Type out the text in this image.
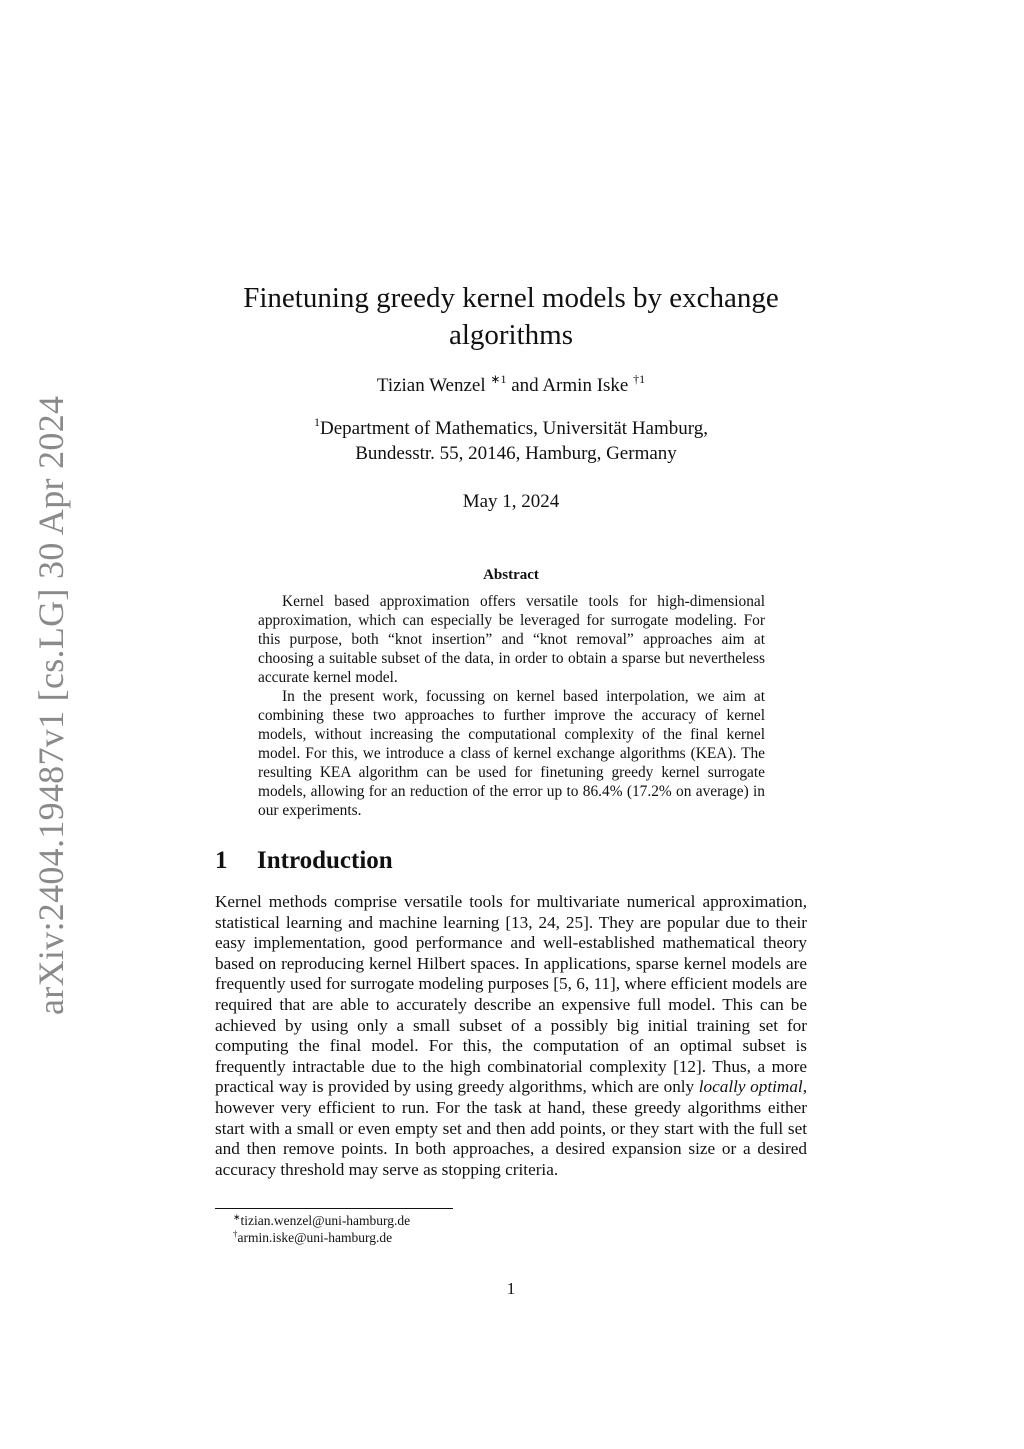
arXiv:2404.19487v1 [cs.LG] 30 Apr 2024
Finetuning greedy kernel models by exchange
algorithms
Tizian Wenzel $^{∗1}$ and Armin Iske $^{\dagger 1}$
$^1$Department of Mathematics, Universität Hamburg,
Bundesstr. 55, 20146, Hamburg, Germany
May 1, 2024
Abstract

Kernel based approximation offers versatile tools for high-dimensional approximation, which can especially be leveraged for surrogate modeling. For this purpose, both “knot insertion” and “knot removal” approaches aim at choosing a suitable subset of the data, in order to obtain a sparse but nevertheless accurate kernel model.

In the present work, focussing on kernel based interpolation, we aim at combining these two approaches to further improve the accuracy of kernel models, without increasing the computational complexity of the final kernel model. For this, we introduce a class of kernel exchange algorithms (KEA). The resulting KEA algorithm can be used for finetuning greedy kernel surrogate models, allowing for an reduction of the error up to 86.4% (17.2% on average) in our experiments.

1 Introduction

Kernel methods comprise versatile tools for multivariate numerical approximation, statistical learning and machine learning [13, 24, 25]. They are popular due to their easy implementation, good performance and well-established mathematical theory based on reproducing kernel Hilbert spaces. In applications, sparse kernel models are frequently used for surrogate modeling purposes [5, 6, 11], where efficient models are required that are able to accurately describe an expensive full model. This can be achieved by using only a small subset of a possibly big initial training set for computing the final model. For this, the computation of an optimal subset is frequently intractable due to the high combinatorial complexity [12]. Thus, a more practical way is provided by using greedy algorithms, which are only locally optimal, however very efficient to run. For the task at hand, these greedy algorithms either start with a small or even empty set and then add points, or they start with the full set and then remove points. In both approaches, a desired expansion size or a desired accuracy threshold may serve as stopping criteria.

∗tizian.wenzel@uni-hamburg.de
†armin.iske@uni-hamburg.de
1
